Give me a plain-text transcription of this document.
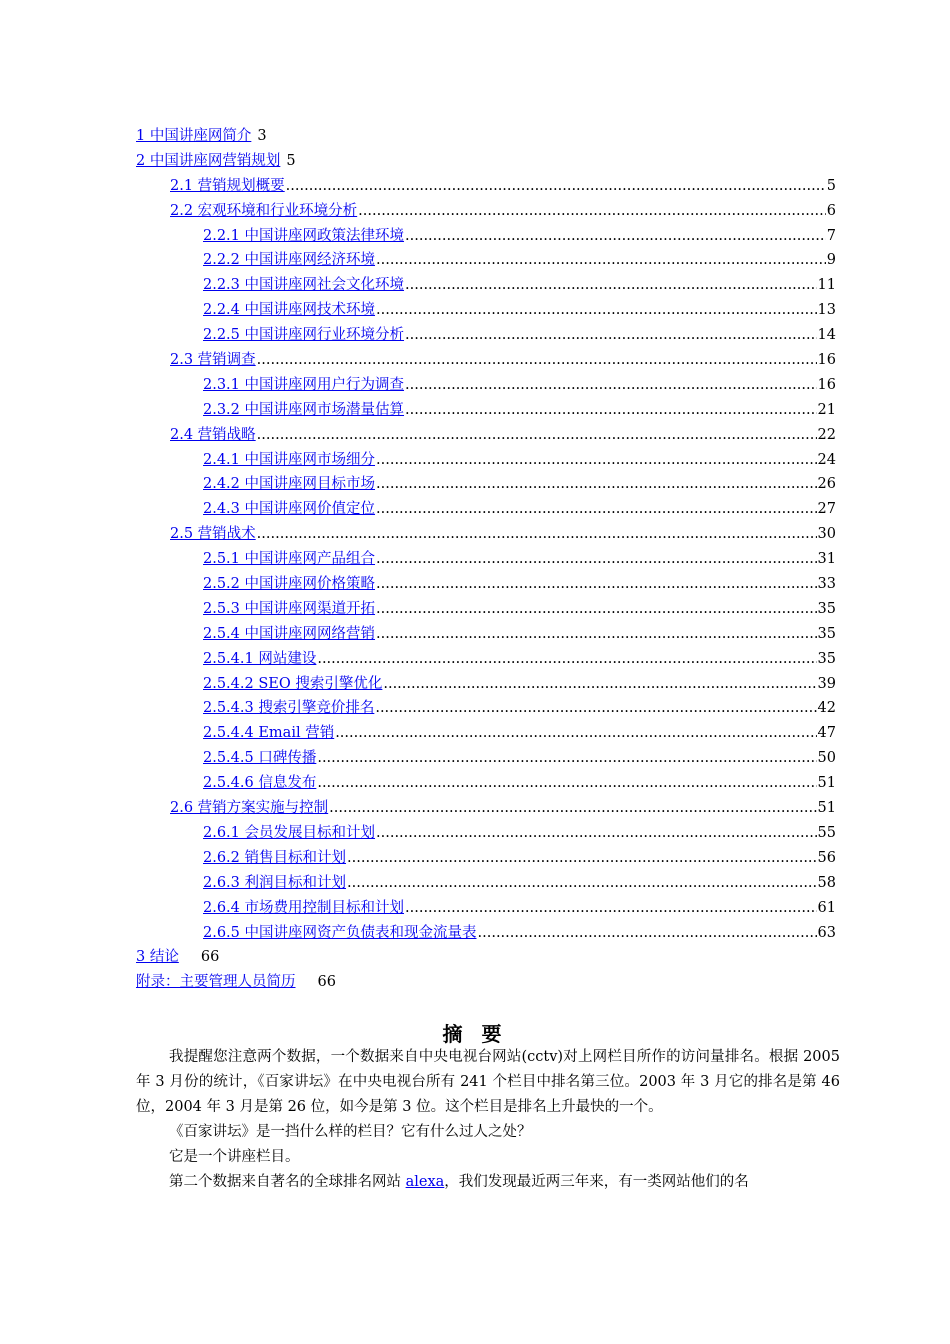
1 中国讲座网简介 3
2 中国讲座网营销规划 5
2.1 营销规划概要 .....	5
2.2 宏观环境和行业环境分析 .....	6
2.2.1 中国讲座网政策法律环境 .....	7
2.2.2 中国讲座网经济环境 .....	9
2.2.3 中国讲座网社会文化环境 .....	11
2.2.4 中国讲座网技术环境 .....	13
2.2.5 中国讲座网行业环境分析 .....	14
2.3 营销调查 .....	16
2.3.1 中国讲座网用户行为调查 .....	16
2.3.2 中国讲座网市场潜量估算 .....	21
2.4 营销战略 .....	22
2.4.1 中国讲座网市场细分 .....	24
2.4.2 中国讲座网目标市场 .....	26
2.4.3 中国讲座网价值定位 .....	27
2.5 营销战术 .....	30
2.5.1 中国讲座网产品组合 .....	31
2.5.2 中国讲座网价格策略 .....	33
2.5.3 中国讲座网渠道开拓 .....	35
2.5.4 中国讲座网网络营销 .....	35
2.5.4.1 网站建设 .....	35
2.5.4.2 SEO 搜索引擎优化 .....	39
2.5.4.3 搜索引擎竞价排名 .....	42
2.5.4.4 Email 营销 .....	47
2.5.4.5 口碑传播 .....	50
2.5.4.6 信息发布 .....	51
2.6 营销方案实施与控制 .....	51
2.6.1 会员发展目标和计划 .....	55
2.6.2 销售目标和计划 .....	56
2.6.3 利润目标和计划 .....	58
2.6.4 市场费用控制目标和计划 .....	61
2.6.5 中国讲座网资产负债表和现金流量表 .....	63
3 结论 66
附录：主要管理人员简历 66
摘 要

我提醒您注意两个数据，一个数据来自中央电视台网站(cctv)对上网栏目所作的访问量排名。根据 2005 年 3 月份的统计，《百家讲坛》在中央电视台所有 241 个栏目中排名第三位。2003 年 3 月它的排名是第 46 位，2004 年 3 月是第 26 位，如今是第 3 位。这个栏目是排名上升最快的一个。

《百家讲坛》是一挡什么样的栏目？它有什么过人之处？

它是一个讲座栏目。

第二个数据来自著名的全球排名网站 alexa，我们发现最近两三年来，有一类网站他们的名
